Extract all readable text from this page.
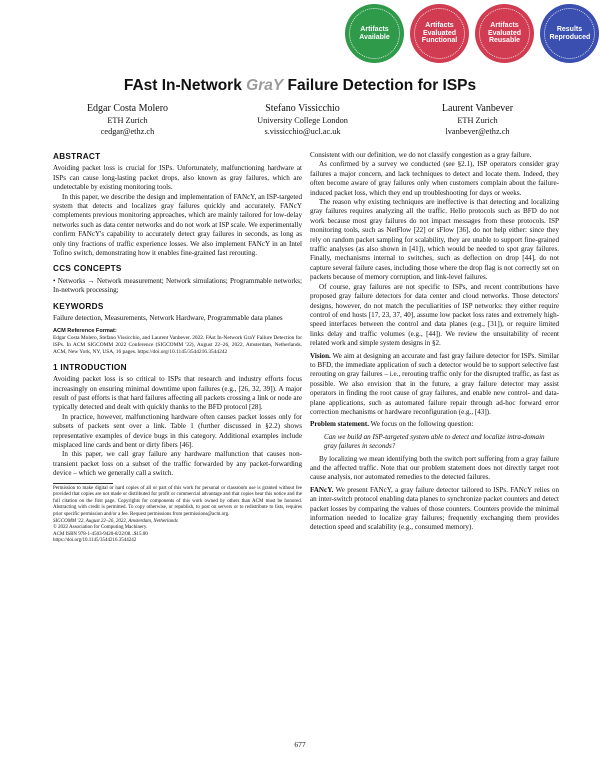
Artifacts Available
Artifacts Evaluated Functional
Artifacts Evaluated Reusable
Results Reproduced
FAst In-Network GraY Failure Detection for ISPs
Edgar Costa Molero
ETH Zurich
cedgar@ethz.ch
Stefano Vissicchio
University College London
s.vissicchio@ucl.ac.uk
Laurent Vanbever
ETH Zurich
lvanbever@ethz.ch
ABSTRACT

Avoiding packet loss is crucial for ISPs. Unfortunately, malfunctioning hardware at ISPs can cause long-lasting packet drops, also known as gray failures, which are undetectable by existing monitoring tools.

In this paper, we describe the design and implementation of FANcY, an ISP-targeted system that detects and localizes gray failures quickly and accurately. FANcY complements previous monitoring approaches, which are mainly tailored for low-delay networks such as data center networks and do not work at ISP scale. We experimentally confirm FANcY's capability to accurately detect gray failures in seconds, as long as only tiny fractions of traffic experience losses. We also implement FANcY in an Intel Tofino switch, demonstrating how it enables fine-grained fast rerouting.

CCS CONCEPTS

• Networks → Network measurement; Network simulations; Programmable networks; In-network processing;

KEYWORDS

Failure detection, Measurements, Network Hardware, Programmable data planes

ACM Reference Format:

Edgar Costa Molero, Stefano Vissicchio, and Laurent Vanbever. 2022. FAst In-Network GraY Failure Detection for ISPs. In ACM SIGCOMM 2022 Conference (SIGCOMM '22), August 22–26, 2022, Amsterdam, Netherlands. ACM, New York, NY, USA, 16 pages. https://doi.org/10.1145/3544216.3544242

1 INTRODUCTION

Avoiding packet loss is so critical to ISPs that research and industry efforts focus increasingly on ensuring minimal downtime upon failures (e.g., [26, 32, 39]). A major result of past efforts is that hard failures affecting all packets crossing a link or node are typically detected and dealt with quickly thanks to the BFD protocol [28].

In practice, however, malfunctioning hardware often causes packet losses only for subsets of packets sent over a link. Table 1 (further discussed in §2.2) shows representative examples of device bugs in this category. Additional examples include misplaced line cards and bent or dirty fibers [46].

In this paper, we call gray failure any hardware malfunction that causes non-transient packet loss on a subset of the traffic forwarded by any packet-forwarding device – which we generally call a switch.

Permission to make digital or hard copies of all or part of this work for personal or classroom use is granted without fee provided that copies are not made or distributed for profit or commercial advantage and that copies bear this notice and the full citation on the first page. Copyrights for components of this work owned by others than ACM must be honored. Abstracting with credit is permitted. To copy otherwise, or republish, to post on servers or to redistribute to lists, requires prior specific permission and/or a fee. Request permissions from permissions@acm.org.

SIGCOMM '22, August 22–26, 2022, Amsterdam, Netherlands

© 2022 Association for Computing Machinery.

ACM ISBN 978-1-4503-9420-8/22/08...$15.00

https://doi.org/10.1145/3544216.3544242

Consistent with our definition, we do not classify congestion as a gray failure.

As confirmed by a survey we conducted (see §2.1), ISP operators consider gray failures a major concern, and lack techniques to detect and locate them. Indeed, they often become aware of gray failures only when customers complain about the failure-induced packet loss, which they end up troubleshooting for days or weeks.

The reason why existing techniques are ineffective is that detecting and localizing gray failures requires analyzing all the traffic. Hello protocols such as BFD do not work because most gray failures do not impact messages from these protocols. ISP monitoring tools, such as NetFlow [22] or sFlow [36], do not help either: since they rely on random packet sampling for scalability, they are unable to support fine-grained traffic analyses (as also shown in [41]), which would be needed to spot gray failures. Finally, mechanisms internal to switches, such as deflection on drop [44], do not capture several failure cases, including those where the drop flag is not correctly set on packets because of memory corruption, and link-level failures.

Of course, gray failures are not specific to ISPs, and recent contributions have proposed gray failure detectors for data center and cloud networks. Those detectors' designs, however, do not match the peculiarities of ISP networks: they either require control of end hosts [17, 23, 37, 40], assume low packet loss rates and extremely high-speed interfaces between the control and data planes (e.g., [31]), or require limited links delay and traffic volumes (e.g., [44]). We review the unsuitability of recent related work and simple system designs in §2.

Vision. We aim at designing an accurate and fast gray failure detector for ISPs. Similar to BFD, the immediate application of such a detector would be to support selective fast rerouting on gray failures – i.e., rerouting traffic only for the disrupted traffic, as fast as possible. We also envision that in the future, a gray failure detector may assist operators in finding the root cause of gray failures, and enable new control- and data-plane applications, such as automated failure repair through ad-hoc forward error correction mechanisms or hardware reconfiguration (e.g., [43]).

Problem statement. We focus on the following question:

Can we build an ISP-targeted system able to detect and localize intra-domain gray failures in seconds?

By localizing we mean identifying both the switch port suffering from a gray failure and the affected traffic. Note that our problem statement does not directly target root cause analysis, nor automated remedies to the detected failures.

FANcY. We present FANcY, a gray failure detector tailored to ISPs. FANcY relies on an inter-switch protocol enabling data planes to synchronize packet counters and detect packet losses by comparing the values of those counters. Counters provide the minimal information needed to localize gray failures; frequently exchanging them provides detection speed and scalability (e.g., consumed memory).

677
